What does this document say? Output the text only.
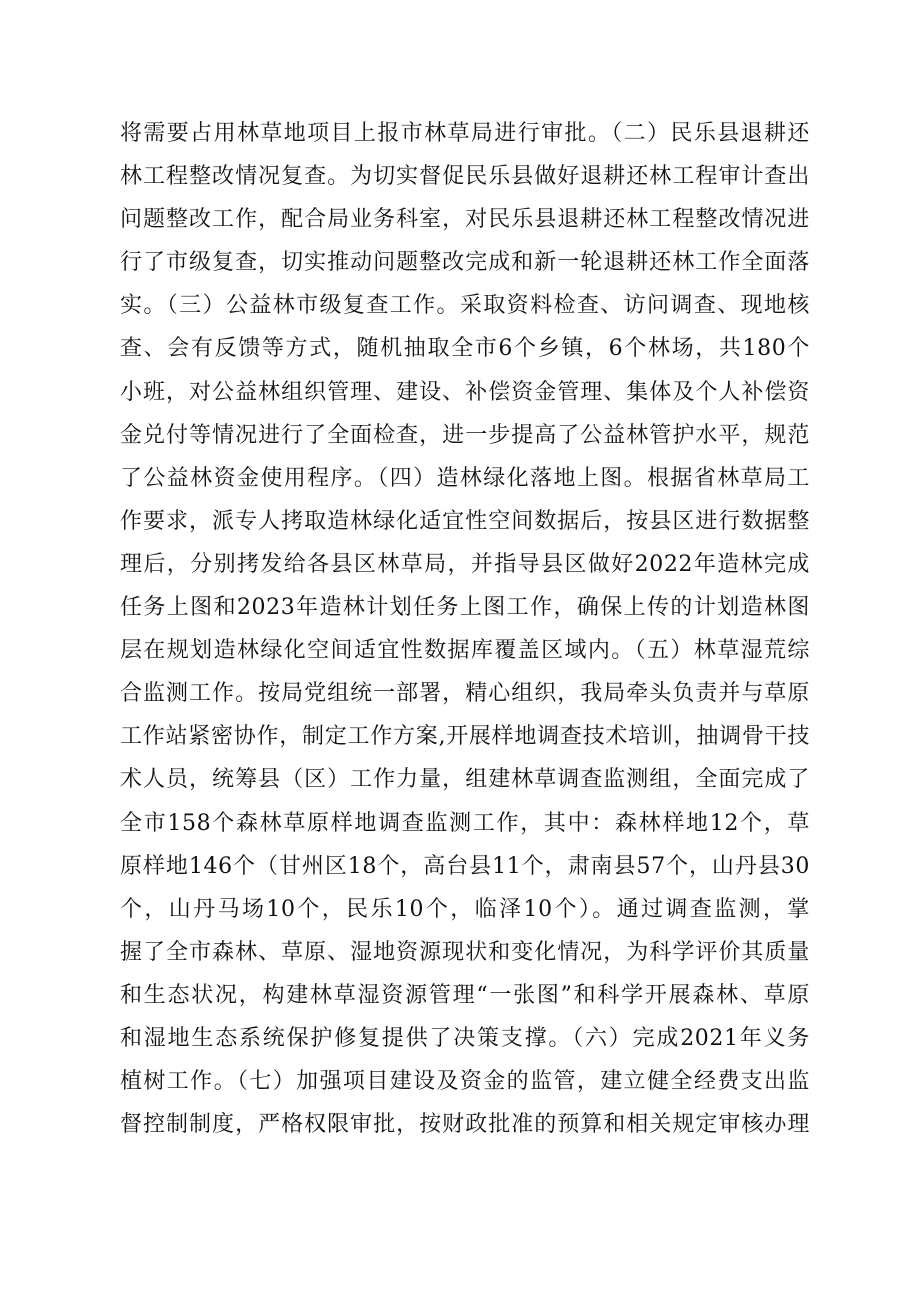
将需要占用林草地项目上报市林草局进行审批。（二）民乐县退耕还
林工程整改情况复查。为切实督促民乐县做好退耕还林工程审计查出
问题整改工作，配合局业务科室，对民乐县退耕还林工程整改情况进
行了市级复查，切实推动问题整改完成和新一轮退耕还林工作全面落
实。（三）公益林市级复查工作。采取资料检查、访问调查、现地核
查、会有反馈等方式，随机抽取全市6个乡镇，6个林场，共180个
小班，对公益林组织管理、建设、补偿资金管理、集体及个人补偿资
金兑付等情况进行了全面检查，进一步提高了公益林管护水平，规范
了公益林资金使用程序。（四）造林绿化落地上图。根据省林草局工
作要求，派专人拷取造林绿化适宜性空间数据后，按县区进行数据整
理后，分别拷发给各县区林草局，并指导县区做好2022年造林完成
任务上图和2023年造林计划任务上图工作，确保上传的计划造林图
层在规划造林绿化空间适宜性数据库覆盖区域内。（五）林草湿荒综
合监测工作。按局党组统一部署，精心组织，我局牵头负责并与草原
工作站紧密协作，制定工作方案,开展样地调查技术培训，抽调骨干技
术人员，统筹县（区）工作力量，组建林草调查监测组，全面完成了
全市158个森林草原样地调查监测工作，其中：森林样地12个，草
原样地146个（甘州区18个，高台县11个，肃南县57个，山丹县30
个，山丹马场10个，民乐10个，临泽10个）。通过调查监测，掌
握了全市森林、草原、湿地资源现状和变化情况，为科学评价其质量
和生态状况，构建林草湿资源管理“一张图”和科学开展森林、草原
和湿地生态系统保护修复提供了决策支撑。（六）完成2021年义务
植树工作。（七）加强项目建设及资金的监管，建立健全经费支出监
督控制制度，严格权限审批，按财政批准的预算和相关规定审核办理
